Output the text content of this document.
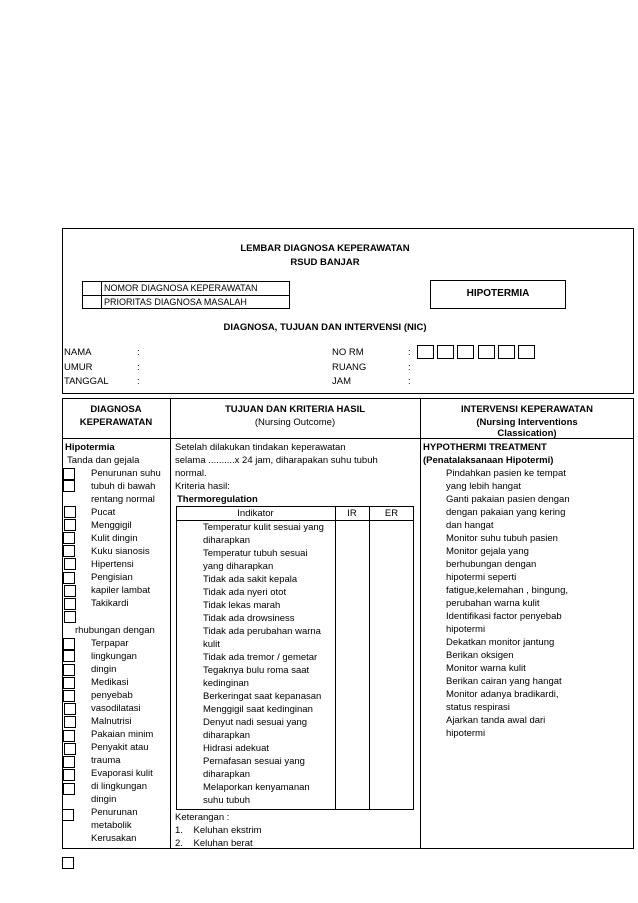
LEMBAR DIAGNOSA KEPERAWATAN
RSUD BANJAR
NOMOR DIAGNOSA KEPERAWATAN
PRIORITAS DIAGNOSA MASALAH
HIPOTERMIA
DIAGNOSA, TUJUAN DAN INTERVENSI (NIC)
NAMA
UMUR
TANGGAL
:
:
:
NO RM
RUANG
JAM
:
:
:
DIAGNOSA
KEPERAWATAN
TUJUAN DAN KRITERIA HASIL
(Nursing Outcome)
INTERVENSI KEPERAWATAN
(Nursing Interventions
Classication)
Hipotermia
Tanda dan gejala
Penurunan suhu
tubuh di bawah
rentang normal
Pucat
Menggigil
Kulit dingin
Kuku sianosis
Hipertensi
Pengisian
kapiler lambat
Takikardi
rhubungan dengan
Terpapar
lingkungan
dingin
Medikasi
penyebab
vasodilatasi
Malnutrisi
Pakaian minim
Penyakit atau
trauma
Evaporasi kulit
di lingkungan
dingin
Penurunan
metabolik
Kerusakan
Setelah dilakukan tindakan keperawatan
selama ..........x 24 jam, diharapakan suhu tubuh
normal.
Kriteria hasil:
Thermoregulation
Indikator	IR	ER
Temperatur kulit sesuai yang
diharapkan
Temperatur tubuh sesuai
yang diharapkan
Tidak ada sakit kepala
Tidak ada nyeri otot
Tidak lekas marah
Tidak ada drowsiness
Tidak ada perubahan warna
kulit
Tidak ada tremor / gemetar
Tegaknya bulu roma saat
kedinginan
Berkeringat saat kepanasan
Menggigil saat kedinginan
Denyut nadi sesuai yang
diharapkan
Hidrasi adekuat
Pernafasan sesuai yang
diharapkan
Melaporkan kenyamanan
suhu tubuh
Keterangan :
1.    Keluhan ekstrim
2.    Keluhan berat
HYPOTHERMI TREATMENT
(Penatalaksanaan Hipotermi)
Pindahkan pasien ke tempat
yang lebih hangat
Ganti pakaian pasien dengan
dengan pakaian yang kering
dan hangat
Monitor suhu tubuh pasien
Monitor gejala yang
berhubungan dengan
hipotermi seperti
fatigue,kelemahan , bingung,
perubahan warna kulit
Identifikasi factor penyebab
hipotermi
Dekatkan monitor jantung
Berikan oksigen
Monitor warna kulit
Berikan cairan yang hangat
Monitor adanya bradikardi,
status respirasi
Ajarkan tanda awal dari
hipotermi
